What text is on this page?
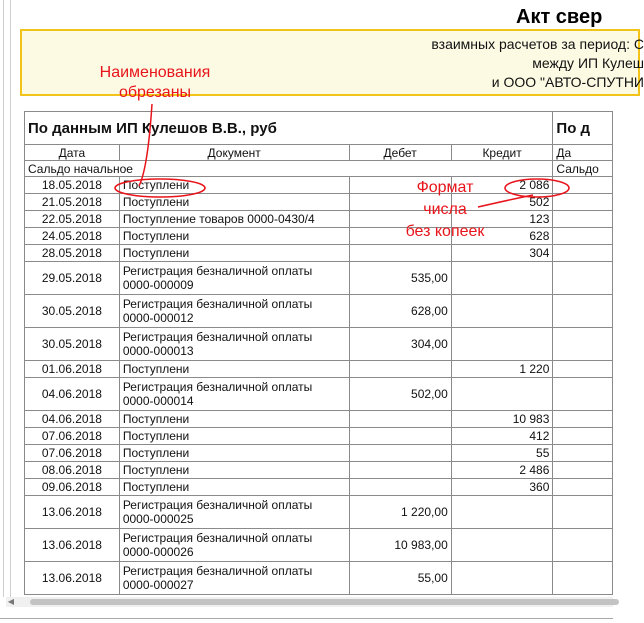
Акт свер
взаимных расчетов за период: С
между ИП Кулеш
и ООО "АВТО-СПУТНИ
По данным ИП Кулешов В.В., руб				По д
Дата	Документ	Дебет	Кредит	Да
Сальдо начальное				Сальдо
18.05.2018	Поступлени		2 086	
21.05.2018	Поступлени		502	
22.05.2018	Поступление товаров 0000-0430/4		123	
24.05.2018	Поступлени		628	
28.05.2018	Поступлени		304	
29.05.2018	Регистрация безналичной оплаты 0000-000009	535,00		
30.05.2018	Регистрация безналичной оплаты 0000-000012	628,00		
30.05.2018	Регистрация безналичной оплаты 0000-000013	304,00		
01.06.2018	Поступлени		1 220	
04.06.2018	Регистрация безналичной оплаты 0000-000014	502,00		
04.06.2018	Поступлени		10 983	
07.06.2018	Поступлени		412	
07.06.2018	Поступлени		55	
08.06.2018	Поступлени		2 486	
09.06.2018	Поступлени		360	
13.06.2018	Регистрация безналичной оплаты 0000-000025	1 220,00		
13.06.2018	Регистрация безналичной оплаты 0000-000026	10 983,00		
13.06.2018	Регистрация безналичной оплаты 0000-000027	55,00		
Наименования
обрезаны
Формат
числа
без копеек
◀
